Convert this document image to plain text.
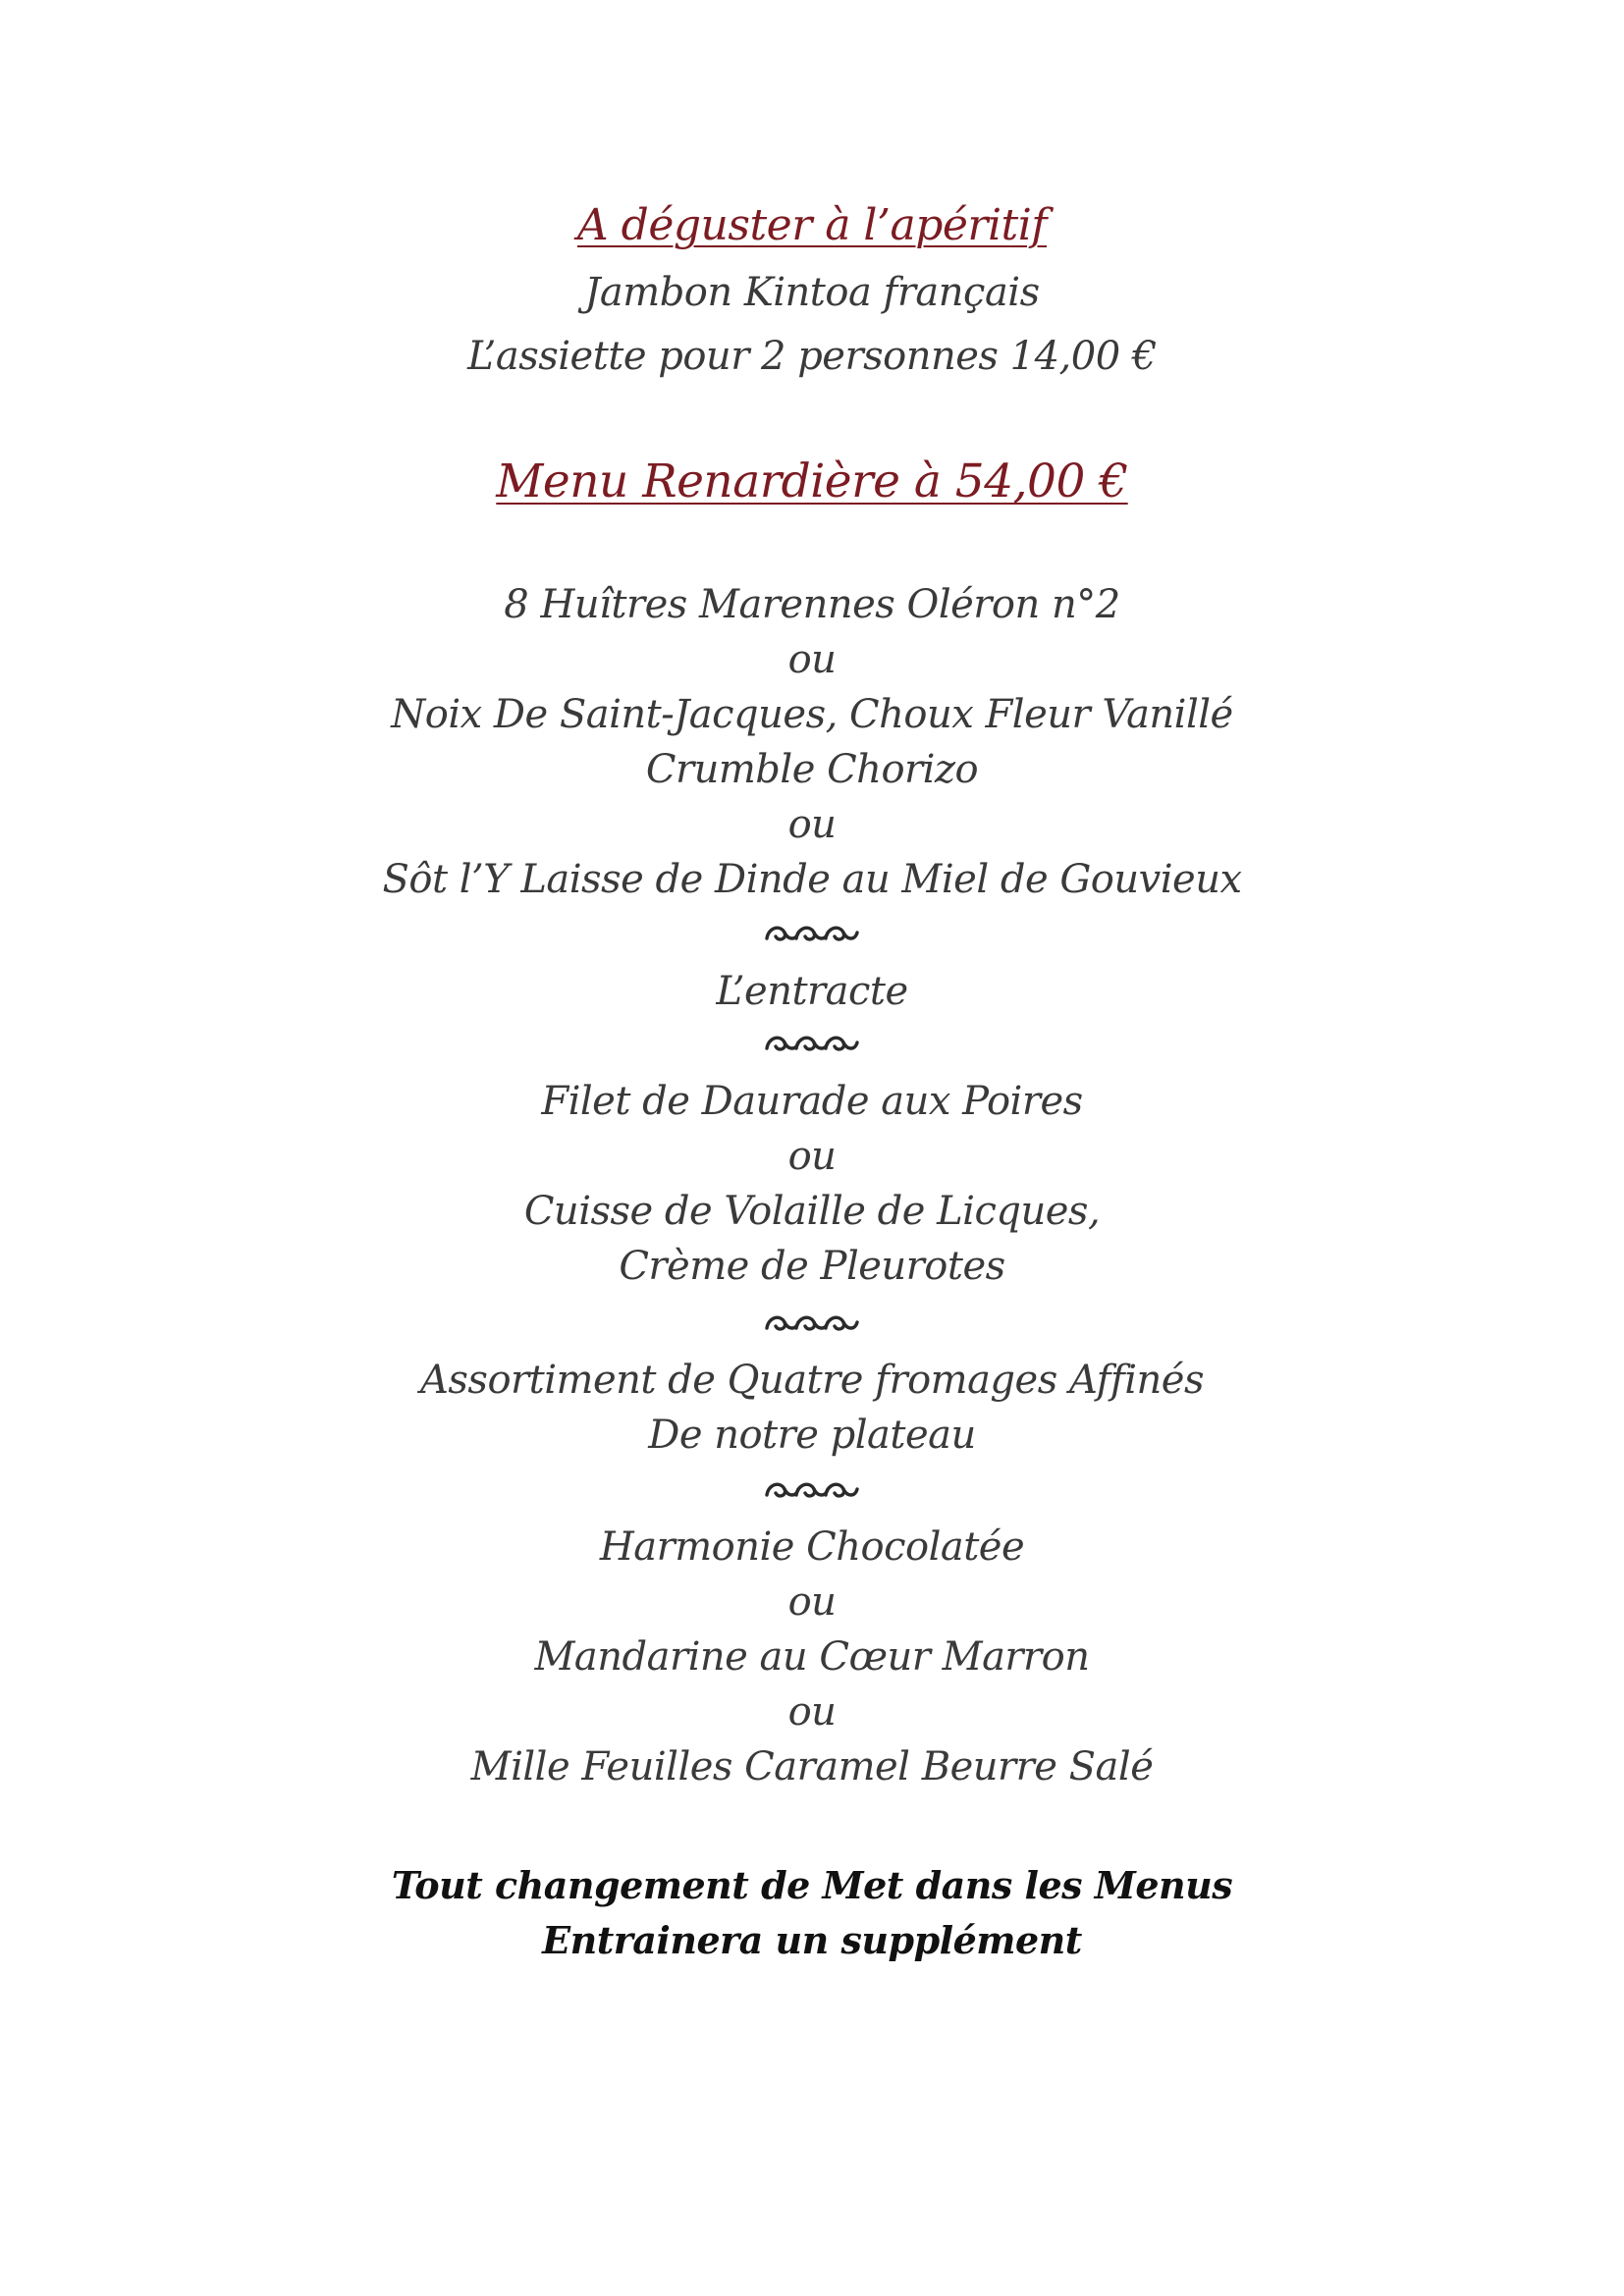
A déguster à l’apéritif
Jambon Kintoa français
L’assiette pour 2 personnes 14,00 €
Menu Renardière à 54,00 €
8 Huîtres Marennes Oléron n°2
ou
Noix De Saint-Jacques, Choux Fleur Vanillé
Crumble Chorizo
ou
Sôt l’Y Laisse de Dinde au Miel de Gouvieux
L’entracte
Filet de Daurade aux Poires
ou
Cuisse de Volaille de Licques,
Crème de Pleurotes
Assortiment de Quatre fromages Affinés
De notre plateau
Harmonie Chocolatée
ou
Mandarine au Cœur Marron
ou
Mille Feuilles Caramel Beurre Salé
Tout changement de Met dans les Menus
Entrainera un supplément
